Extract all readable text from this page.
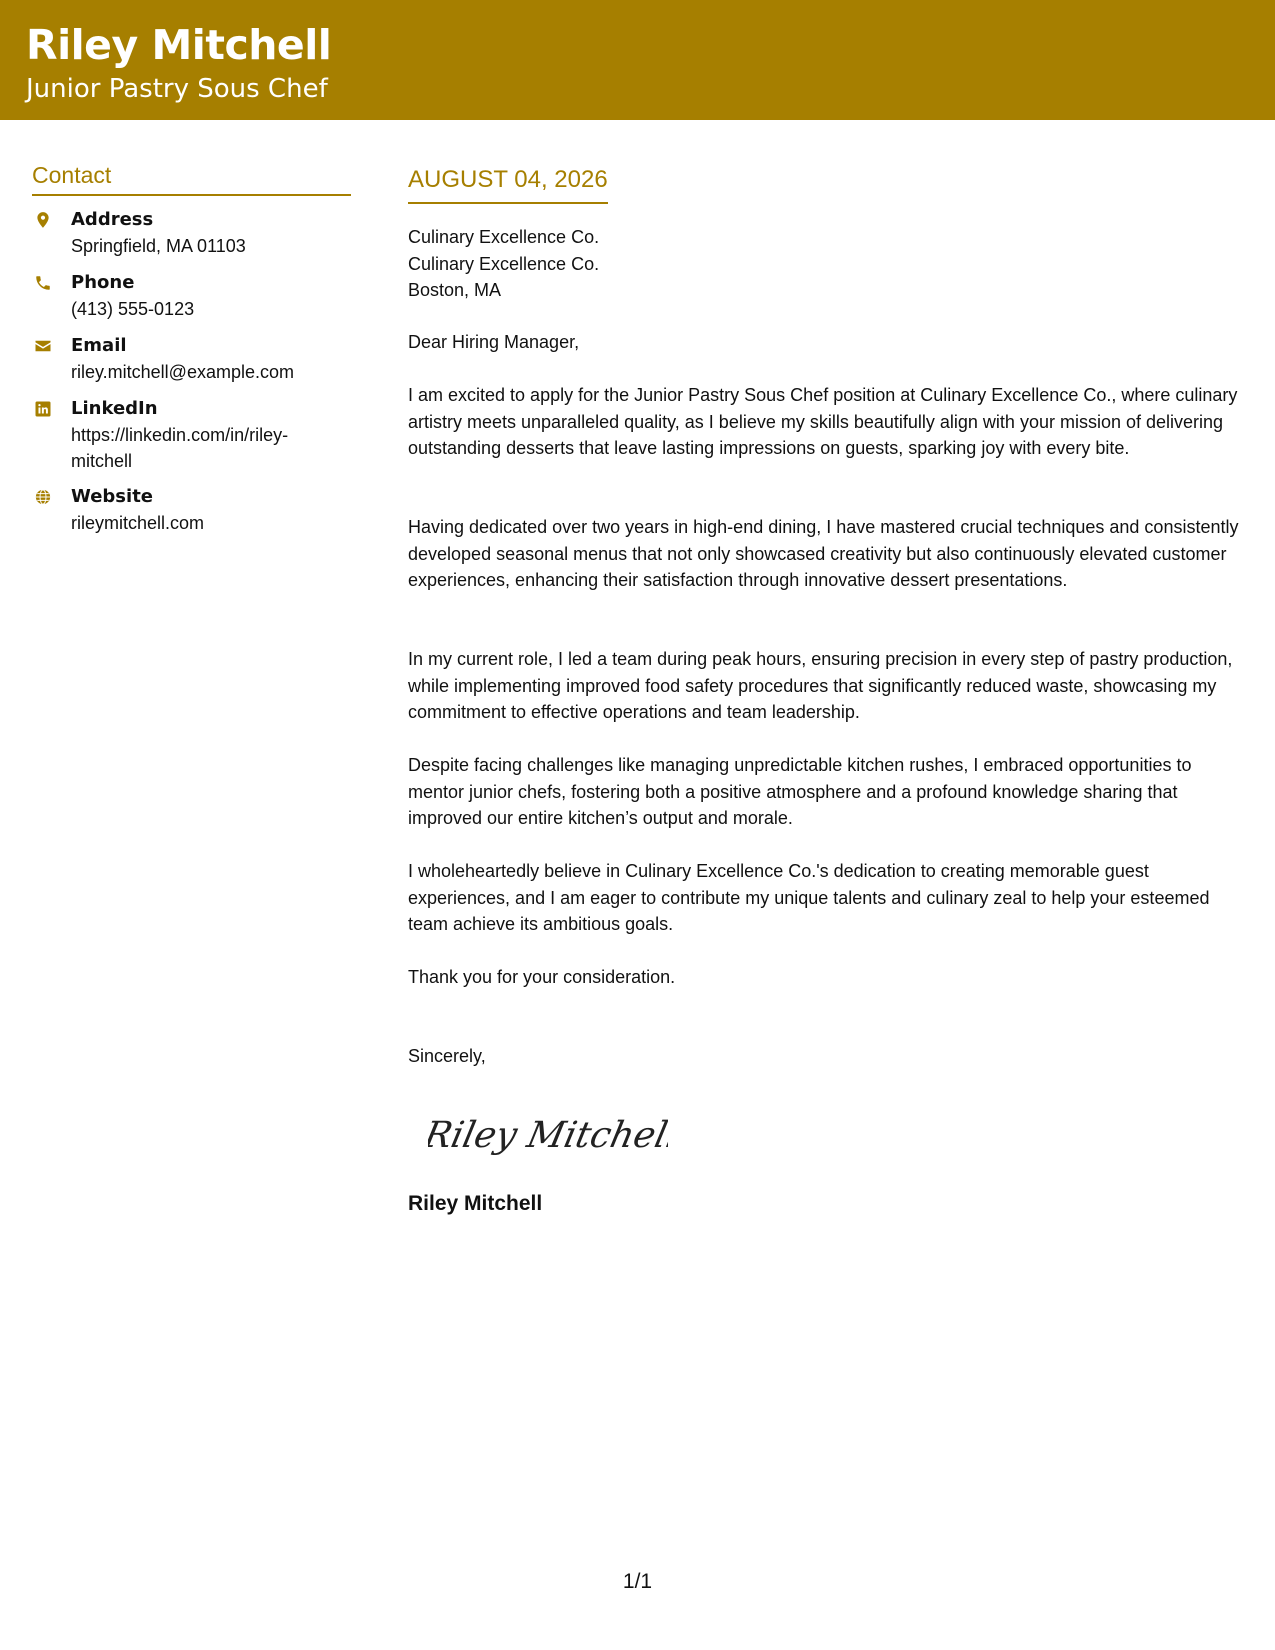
Riley Mitchell
Junior Pastry Sous Chef
Contact
Address
Springfield, MA 01103
Phone
(413) 555-0123
Email
riley.mitchell@example.com
LinkedIn
https://linkedin.com/in/riley-mitchell
Website
rileymitchell.com
AUGUST 04, 2026

Culinary Excellence Co.

Culinary Excellence Co.

Boston, MA

Dear Hiring Manager,
I am excited to apply for the Junior Pastry Sous Chef position at Culinary Excellence Co., where culinary artistry meets unparalleled quality, as I believe my skills beautifully align with your mission of delivering outstanding desserts that leave lasting impressions on guests, sparking joy with every bite.
Having dedicated over two years in high-end dining, I have mastered crucial techniques and consistently developed seasonal menus that not only showcased creativity but also continuously elevated customer experiences, enhancing their satisfaction through innovative dessert presentations.
In my current role, I led a team during peak hours, ensuring precision in every step of pastry production, while implementing improved food safety procedures that significantly reduced waste, showcasing my commitment to effective operations and team leadership.
Despite facing challenges like managing unpredictable kitchen rushes, I embraced opportunities to mentor junior chefs, fostering both a positive atmosphere and a profound knowledge sharing that improved our entire kitchen’s output and morale.
I wholeheartedly believe in Culinary Excellence Co.'s dedication to creating memorable guest experiences, and I am eager to contribute my unique talents and culinary zeal to help your esteemed team achieve its ambitious goals.
Thank you for your consideration.
Sincerely,
Riley Mitchell
Riley Mitchell
1/1
